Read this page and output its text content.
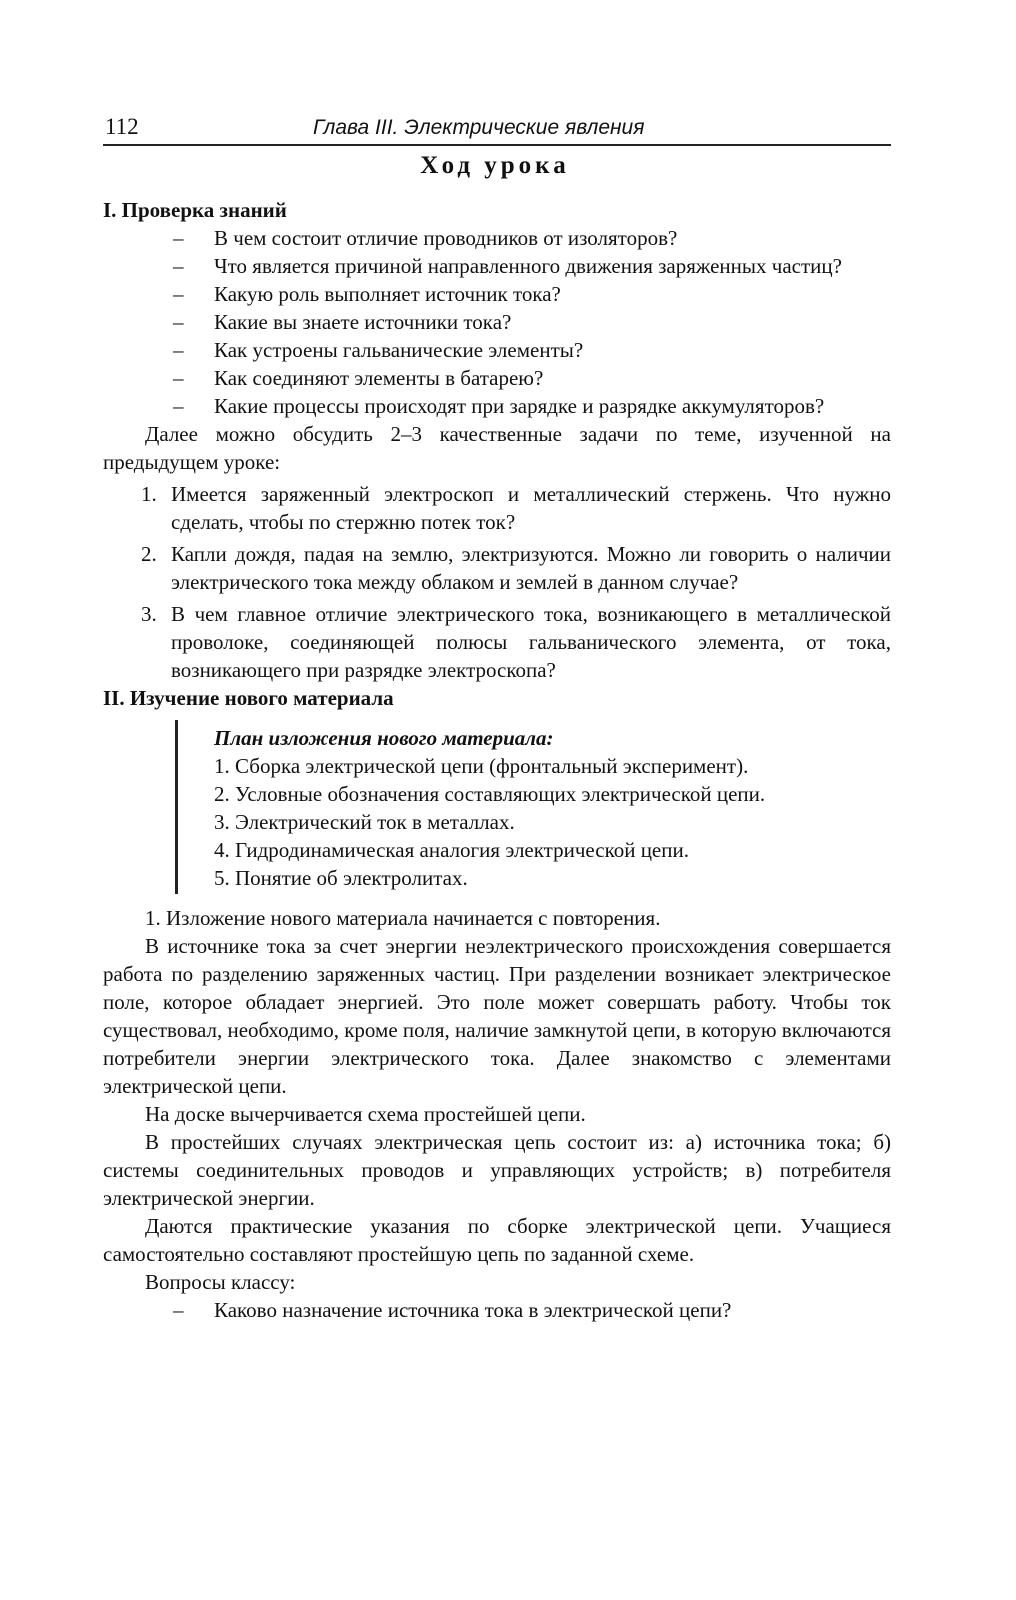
112	Глава III. Электрические явления
Ход урока

I. Проверка знаний

– В чем состоит отличие проводников от изоляторов?
– Что является причиной направленного движения заряженных частиц?
– Какую роль выполняет источник тока?
– Какие вы знаете источники тока?
– Как устроены гальванические элементы?
– Как соединяют элементы в батарею?
– Какие процессы происходят при зарядке и разрядке аккумуляторов?

Далее можно обсудить 2–3 качественные задачи по теме, изученной на предыдущем уроке:

1. Имеется заряженный электроскоп и металлический стержень. Что нужно сделать, чтобы по стержню потек ток?
2. Капли дождя, падая на землю, электризуются. Можно ли говорить о наличии электрического тока между облаком и землей в данном случае?
3. В чем главное отличие электрического тока, возникающего в металлической проволоке, соединяющей полюсы гальванического элемента, от тока, возникающего при разрядке электроскопа?

II. Изучение нового материала

План изложения нового материала:
1. Сборка электрической цепи (фронтальный эксперимент).
2. Условные обозначения составляющих электрической цепи.
3. Электрический ток в металлах.
4. Гидродинамическая аналогия электрической цепи.
5. Понятие об электролитах.

1. Изложение нового материала начинается с повторения.

В источнике тока за счет энергии неэлектрического происхождения совершается работа по разделению заряженных частиц. При разделении возникает электрическое поле, которое обладает энергией. Это поле может совершать работу. Чтобы ток существовал, необходимо, кроме поля, наличие замкнутой цепи, в которую включаются потребители энергии электрического тока. Далее знакомство с элементами электрической цепи.

На доске вычерчивается схема простейшей цепи.

В простейших случаях электрическая цепь состоит из: а) источника тока; б) системы соединительных проводов и управляющих устройств; в) потребителя электрической энергии.

Даются практические указания по сборке электрической цепи. Учащиеся самостоятельно составляют простейшую цепь по заданной схеме.

Вопросы классу:

– Каково назначение источника тока в электрической цепи?
